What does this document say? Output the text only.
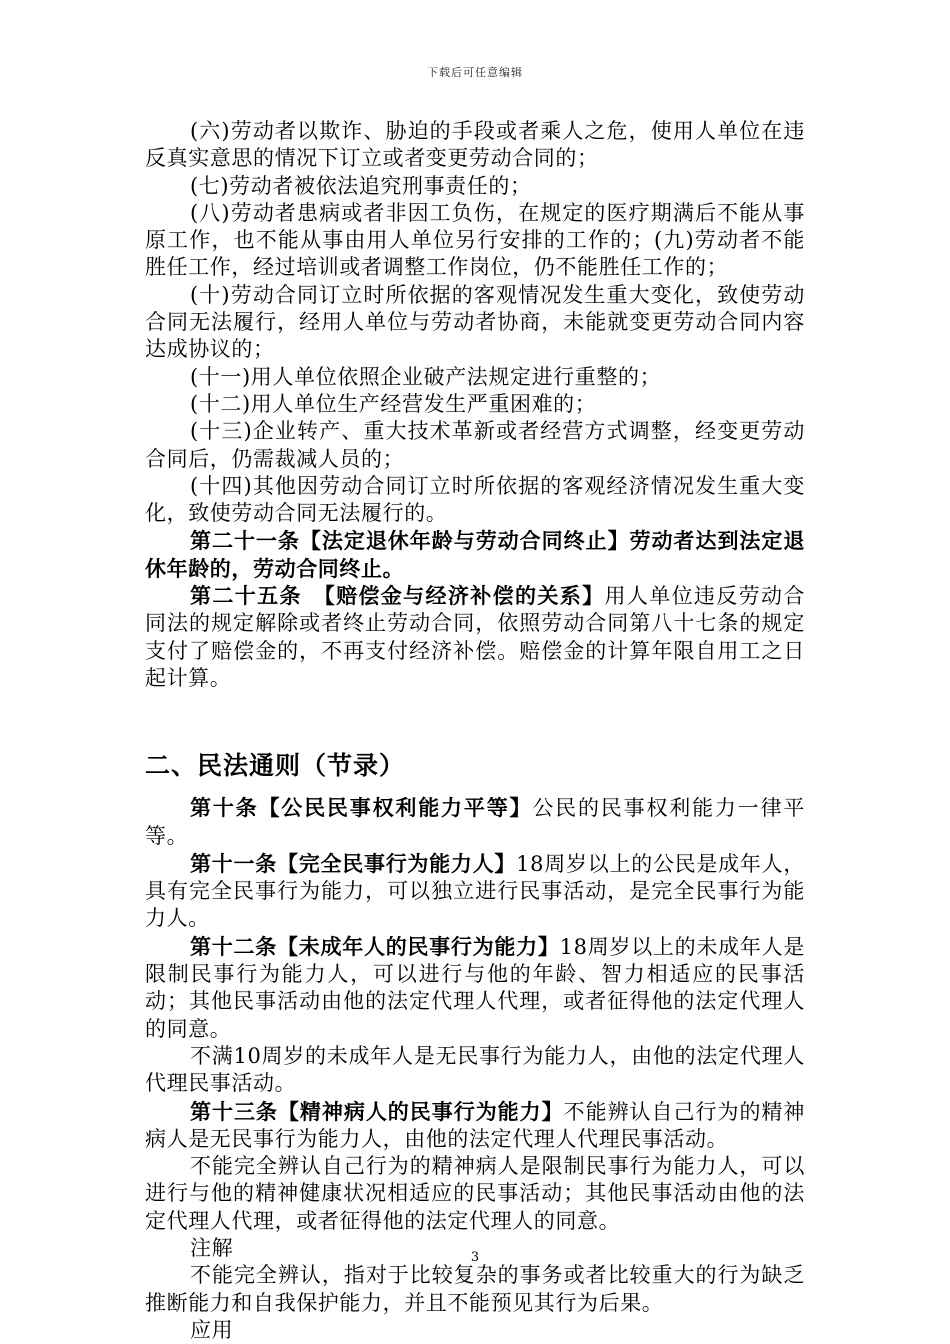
下载后可任意编辑

(六)劳动者以欺诈、胁迫的手段或者乘人之危，使用人单位在违反真实意思的情况下订立或者变更劳动合同的；

(七)劳动者被依法追究刑事责任的；

(八)劳动者患病或者非因工负伤，在规定的医疗期满后不能从事原工作，也不能从事由用人单位另行安排的工作的；(九)劳动者不能胜任工作，经过培训或者调整工作岗位，仍不能胜任工作的；

(十)劳动合同订立时所依据的客观情况发生重大变化，致使劳动合同无法履行，经用人单位与劳动者协商，未能就变更劳动合同内容达成协议的；

(十一)用人单位依照企业破产法规定进行重整的；

(十二)用人单位生产经营发生严重困难的；

(十三)企业转产、重大技术革新或者经营方式调整，经变更劳动合同后，仍需裁减人员的；

(十四)其他因劳动合同订立时所依据的客观经济情况发生重大变化，致使劳动合同无法履行的。

第二十一条【法定退休年龄与劳动合同终止】劳动者达到法定退休年龄的，劳动合同终止。

第二十五条　【赔偿金与经济补偿的关系】用人单位违反劳动合同法的规定解除或者终止劳动合同，依照劳动合同第八十七条的规定支付了赔偿金的，不再支付经济补偿。赔偿金的计算年限自用工之日起计算。

二、民法通则（节录）

第十条【公民民事权利能力平等】公民的民事权利能力一律平等。

第十一条【完全民事行为能力人】18周岁以上的公民是成年人，具有完全民事行为能力，可以独立进行民事活动，是完全民事行为能力人。

第十二条【未成年人的民事行为能力】18周岁以上的未成年人是限制民事行为能力人，可以进行与他的年龄、智力相适应的民事活动；其他民事活动由他的法定代理人代理，或者征得他的法定代理人的同意。

不满10周岁的未成年人是无民事行为能力人，由他的法定代理人代理民事活动。

第十三条【精神病人的民事行为能力】不能辨认自己行为的精神病人是无民事行为能力人，由他的法定代理人代理民事活动。

不能完全辨认自己行为的精神病人是限制民事行为能力人，可以进行与他的精神健康状况相适应的民事活动；其他民事活动由他的法定代理人代理，或者征得他的法定代理人的同意。

注解

不能完全辨认，指对于比较复杂的事务或者比较重大的行为缺乏推断能力和自我保护能力，并且不能预见其行为后果。

应用

3
